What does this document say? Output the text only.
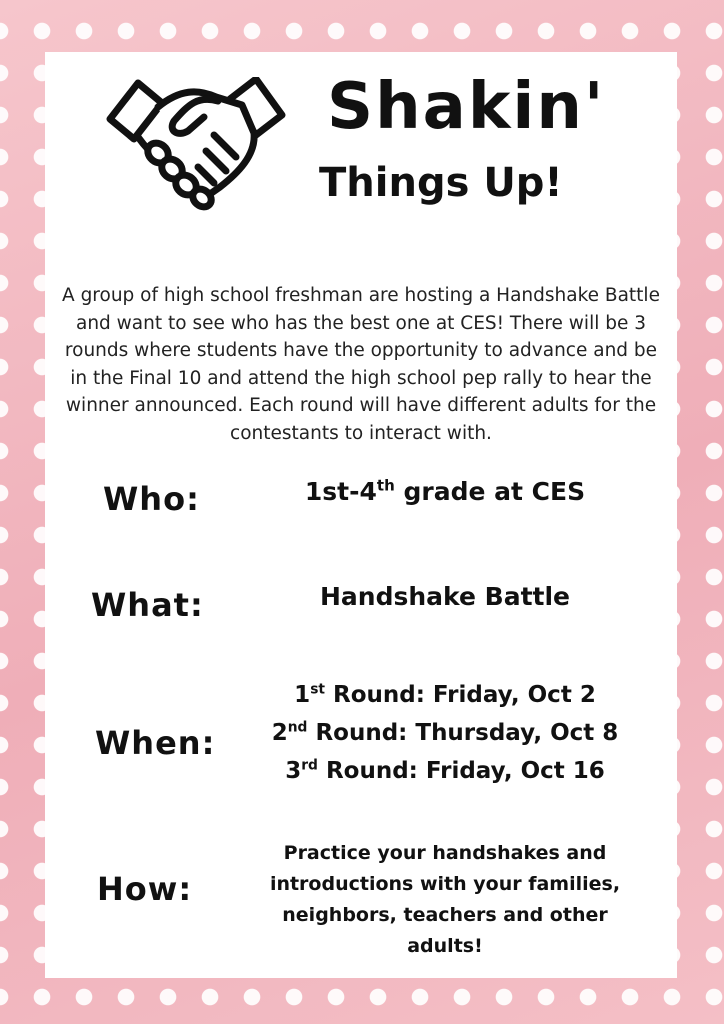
Shakin'
Things Up!

A group of high school freshman are hosting a Handshake Battle and want to see who has the best one at CES! There will be 3 rounds where students have the opportunity to advance and be in the Final 10 and attend the high school pep rally to hear the winner announced. Each round will have different adults for the contestants to interact with.

Who:	1st-4th grade at CES
What:	Handshake Battle
When:
1st Round: Friday, Oct 2
2nd Round: Thursday, Oct 8
3rd Round: Friday, Oct 16
How:
Practice your handshakes and
introductions with your families,
neighbors, teachers and other adults!
